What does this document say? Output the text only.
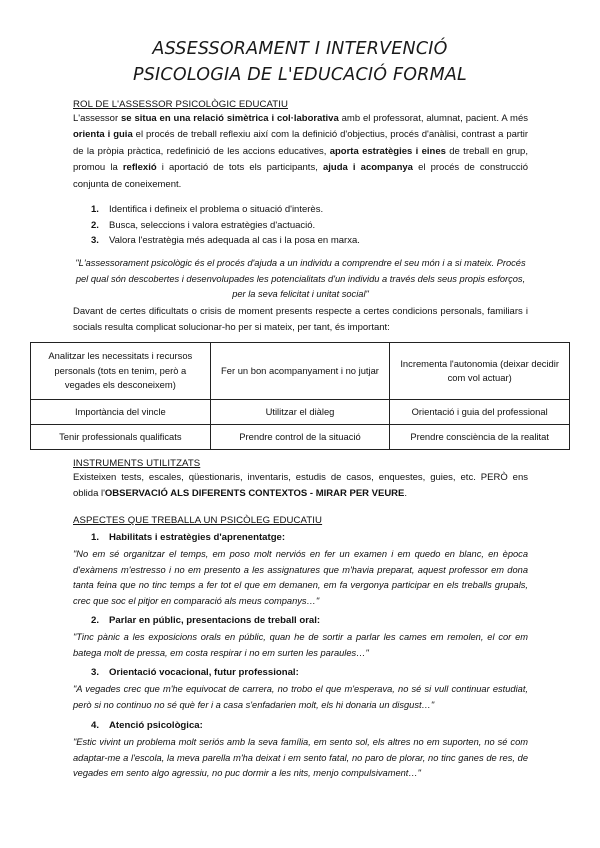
ASSESSORAMENT I INTERVENCIÓ
PSICOLOGIA DE L'EDUCACIÓ FORMAL
ROL DE L'ASSESSOR PSICOLÒGIC EDUCATIU

L'assessor se situa en una relació simètrica i col·laborativa amb el professorat, alumnat, pacient. A més orienta i guia el procés de treball reflexiu així com la definició d'objectius, procés d'anàlisi, contrast a partir de la pròpia pràctica, redefinició de les accions educatives, aporta estratègies i eines de treball en grup, promou la reflexió i aportació de tots els participants, ajuda i acompanya el procés de construcció conjunta de coneixement.

1. Identifica i defineix el problema o situació d'interès.
2. Busca, seleccions i valora estratègies d'actuació.
3. Valora l'estratègia més adequada al cas i la posa en marxa.

"L'assessorament psicològic és el procés d'ajuda a un individu a comprendre el seu món i a si mateix. Procés pel qual són descobertes i desenvolupades les potencialitats d'un individu a través dels seus propis esforços, per la seva felicitat i unitat social"

Davant de certes dificultats o crisis de moment presents respecte a certes condicions personals, familiars i socials resulta complicat solucionar-ho per si mateix, per tant, és important:

Analitzar les necessitats i recursos personals (tots en tenim, però a vegades els desconeixem)	Fer un bon acompanyament i no jutjar	Incrementa l'autonomia (deixar decidir com vol actuar)
Importància del vincle	Utilitzar el diàleg	Orientació i guia del professional
Tenir professionals qualificats	Prendre control de la situació	Prendre consciència de la realitat
INSTRUMENTS UTILITZATS

Existeixen tests, escales, qüestionaris, inventaris, estudis de casos, enquestes, guies, etc. PERÒ ens oblida l'OBSERVACIÓ ALS DIFERENTS CONTEXTOS - MIRAR PER VEURE.

ASPECTES QUE TREBALLA UN PSICÒLEG EDUCATIU
1. Habilitats i estratègies d'aprenentatge:

"No em sé organitzar el temps, em poso molt nerviós en fer un examen i em quedo en blanc, en època d'exàmens m'estresso i no em presento a les assignatures que m'havia preparat, aquest professor em dona tanta feina que no tinc temps a fer tot el que em demanen, em fa vergonya participar en els treballs grupals, crec que soc el pitjor en comparació als meus companys…"

2. Parlar en públic, presentacions de treball oral:

"Tinc pànic a les exposicions orals en públic, quan he de sortir a parlar les cames em remolen, el cor em batega molt de pressa, em costa respirar i no em surten les paraules…"

3. Orientació vocacional, futur professional:

"A vegades crec que m'he equivocat de carrera, no trobo el que m'esperava, no sé si vull continuar estudiat, però si no continuo no sé què fer i a casa s'enfadarien molt, els hi donaria un disgust…"

4. Atenció psicològica:

"Estic vivint un problema molt seriós amb la seva família, em sento sol, els altres no em suporten, no sé com adaptar-me a l'escola, la meva parella m'ha deixat i em sento fatal, no paro de plorar, no tinc ganes de res, de vegades em sento algo agressiu, no puc dormir a les nits, menjo compulsivament…"
